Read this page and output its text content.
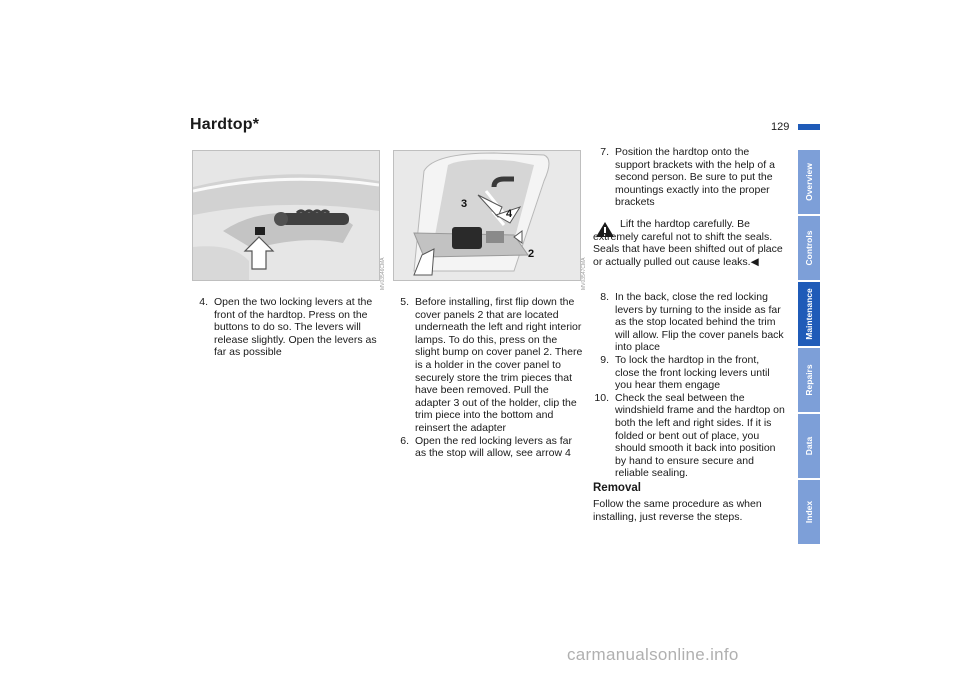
Hardtop*	129
MV03546CMA
3
4
2
MV03547CMA
4. Open the two locking levers at the front of the hardtop. Press on the buttons to do so. The levers will release slightly. Open the levers as far as possible
5. Before installing, first flip down the cover panels 2 that are located underneath the left and right interior lamps. To do this, press on the slight bump on cover panel 2. There is a holder in the cover panel to securely store the trim pieces that have been removed. Pull the adapter 3 out of the holder, clip the trim piece into the bottom and reinsert the adapter
6. Open the red locking levers as far as the stop will allow, see arrow 4
7. Position the hardtop onto the support brackets with the help of a second person. Be sure to put the mountings exactly into the proper brackets
Lift the hardtop carefully. Be extremely careful not to shift the seals. Seals that have been shifted out of place or actually pulled out cause leaks.◀
8. In the back, close the red locking levers by turning to the inside as far as the stop located behind the trim will allow. Flip the cover panels back into place
9. To lock the hardtop in the front, close the front locking levers until you hear them engage
10. Check the seal between the windshield frame and the hardtop on both the left and right sides. If it is folded or bent out of place, you should smooth it back into position by hand to ensure secure and reliable sealing.
Removal
Follow the same procedure as when installing, just reverse the steps.
Overview
Controls
Maintenance
Repairs
Data
Index
carmanualsonline.info
